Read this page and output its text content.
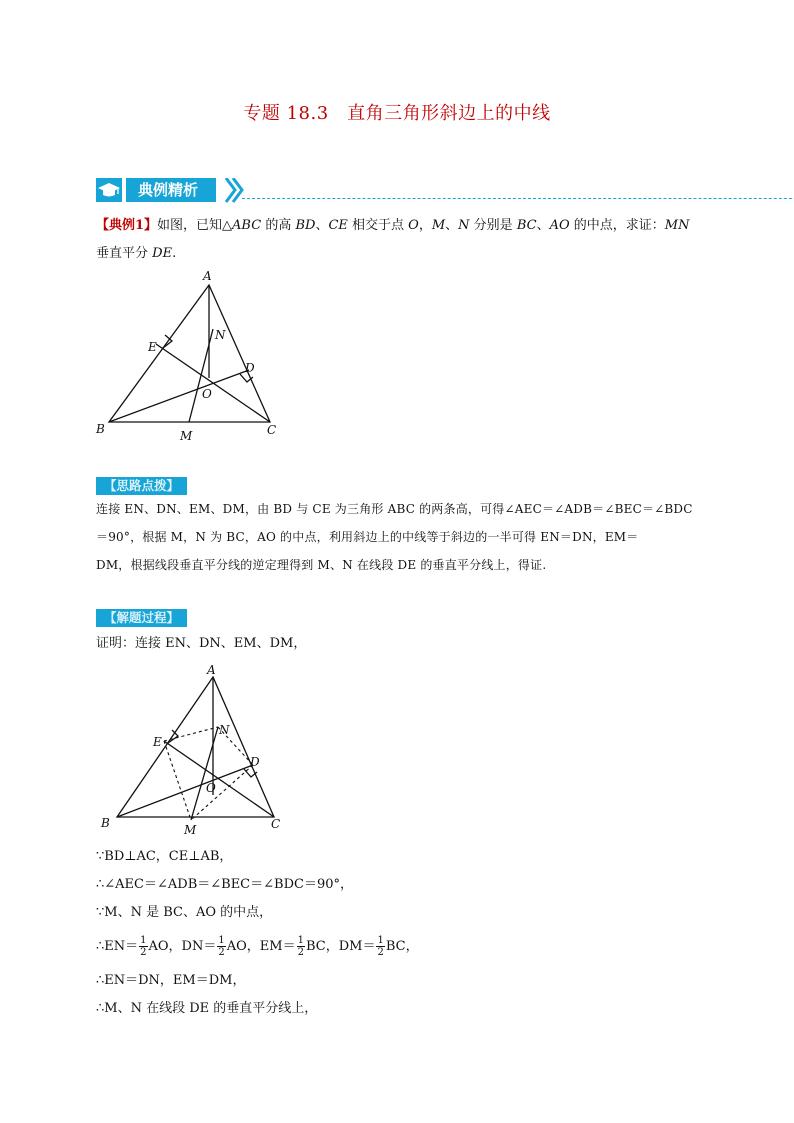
专题 18.3　直角三角形斜边上的中线
典例精析
【典例1】如图，已知△ABC 的高 BD、CE 相交于点 O，M、N 分别是 BC、AO 的中点，求证：MN
垂直平分 DE.
A
B	C
D
E
M
N
O
【思路点拨】
连接 EN、DN、EM、DM，由 BD 与 CE 为三角形 ABC 的两条高，可得∠AEC＝∠ADB＝∠BEC＝∠BDC
＝90°，根据 M，N 为 BC，AO 的中点，利用斜边上的中线等于斜边的一半可得 EN＝DN，EM＝
DM，根据线段垂直平分线的逆定理得到 M、N 在线段 DE 的垂直平分线上，得证.
【解题过程】
证明：连接 EN、DN、EM、DM，
A
B	C
D
E
M
N
O
∵BD⊥AC，CE⊥AB，
∴∠AEC＝∠ADB＝∠BEC＝∠BDC＝90°，
∵M、N 是 BC、AO 的中点，
∴EN＝ $\frac{1}{2}$ AO，$DN= \frac{1}{2}$ AO，$EM= \frac{1}{2}$ BC，$DM= \frac{1}{2}$ BC，
∴EN＝DN，EM＝DM，
∴M、N 在线段 DE 的垂直平分线上，
